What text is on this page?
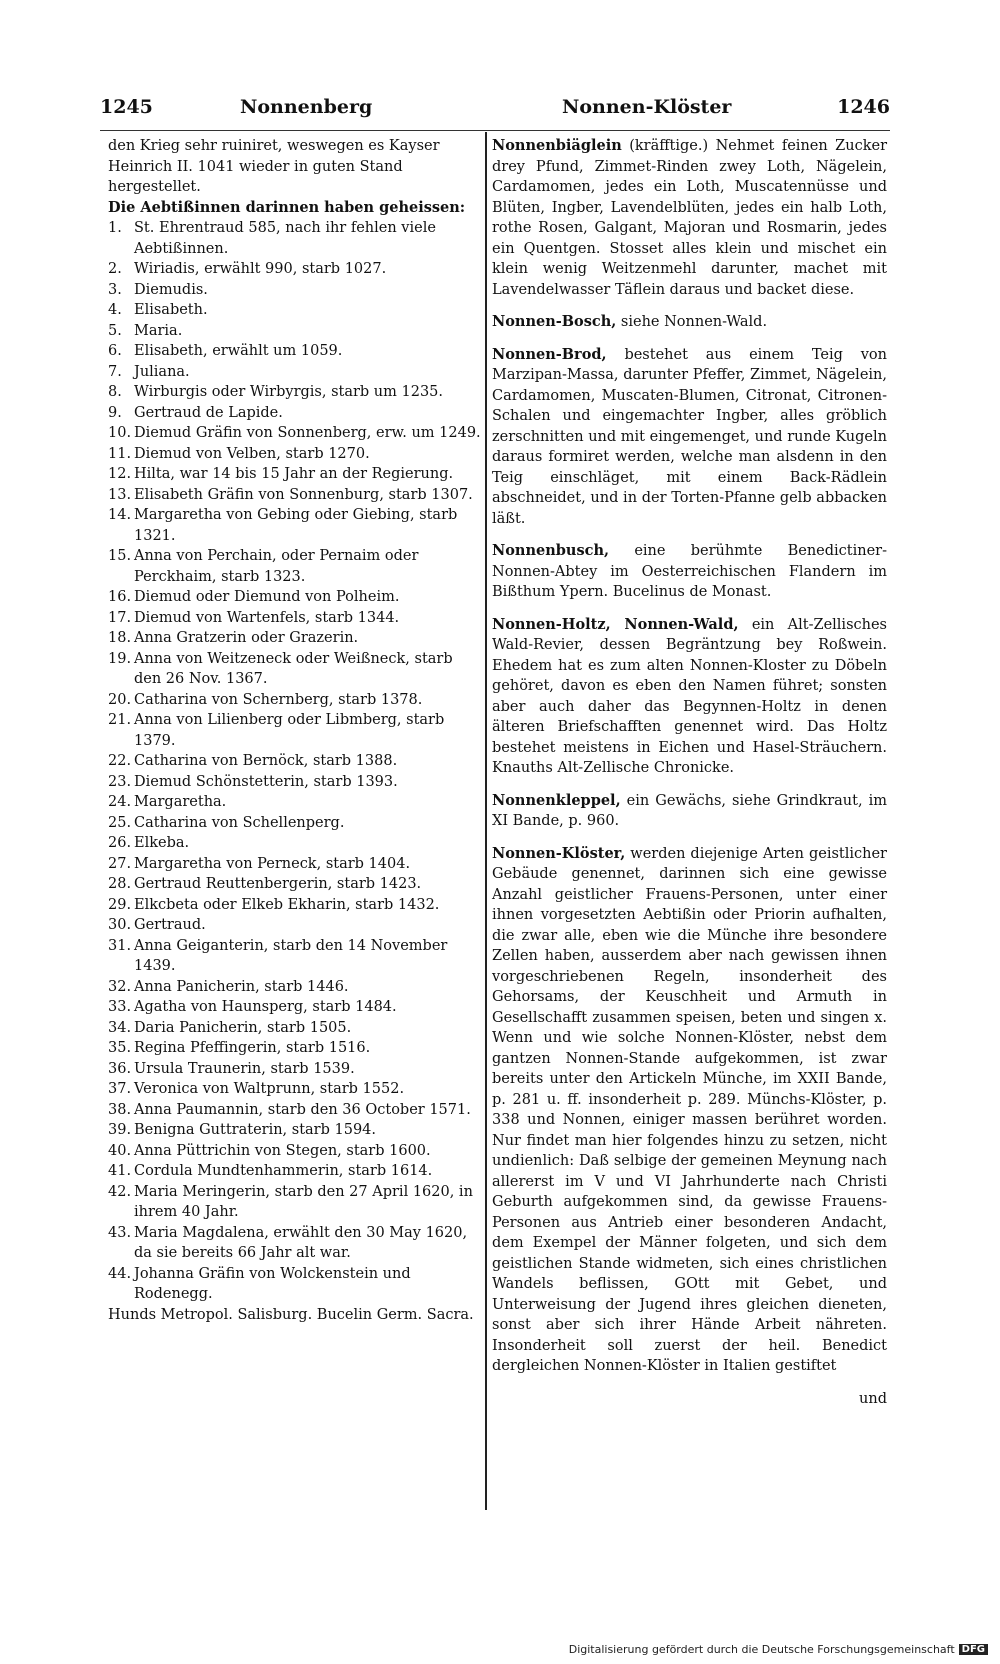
1245	Nonnenberg	Nonnen-Klöster	1246

den Krieg sehr ruiniret, weswegen es Kayser Heinrich II. 1041 wieder in guten Stand hergestellet.

Die Aebtißinnen darinnen haben geheissen:

1. St. Ehrentraud 585, nach ihr fehlen viele Aebtißinnen.
2. Wiriadis, erwählt 990, starb 1027.
3. Diemudis.
4. Elisabeth.
5. Maria.
6. Elisabeth, erwählt um 1059.
7. Juliana.
8. Wirburgis oder Wirbyrgis, starb um 1235.
9. Gertraud de Lapide.
10. Diemud Gräfin von Sonnenberg, erw. um 1249.
11. Diemud von Velben, starb 1270.
12. Hilta, war 14 bis 15 Jahr an der Regierung.
13. Elisabeth Gräfin von Sonnenburg, starb 1307.
14. Margaretha von Gebing oder Giebing, starb 1321.
15. Anna von Perchain, oder Pernaim oder Perckhaim, starb 1323.
16. Diemud oder Diemund von Polheim.
17. Diemud von Wartenfels, starb 1344.
18. Anna Gratzerin oder Grazerin.
19. Anna von Weitzeneck oder Weißneck, starb den 26 Nov. 1367.
20. Catharina von Schernberg, starb 1378.
21. Anna von Lilienberg oder Libmberg, starb 1379.
22. Catharina von Bernöck, starb 1388.
23. Diemud Schönstetterin, starb 1393.
24. Margaretha.
25. Catharina von Schellenperg.
26. Elkeba.
27. Margaretha von Perneck, starb 1404.
28. Gertraud Reuttenbergerin, starb 1423.
29. Elkcbeta oder Elkeb Ekharin, starb 1432.
30. Gertraud.
31. Anna Geiganterin, starb den 14 November 1439.
32. Anna Panicherin, starb 1446.
33. Agatha von Haunsperg, starb 1484.
34. Daria Panicherin, starb 1505.
35. Regina Pfeffingerin, starb 1516.
36. Ursula Traunerin, starb 1539.
37. Veronica von Waltprunn, starb 1552.
38. Anna Paumannin, starb den 36 October 1571.
39. Benigna Guttraterin, starb 1594.
40. Anna Püttrichin von Stegen, starb 1600.
41. Cordula Mundtenhammerin, starb 1614.
42. Maria Meringerin, starb den 27 April 1620, in ihrem 40 Jahr.
43. Maria Magdalena, erwählt den 30 May 1620, da sie bereits 66 Jahr alt war.
44. Johanna Gräfin von Wolckenstein und Rodenegg.

Hunds Metropol. Salisburg. Bucelin Germ. Sacra.

Nonnenbiäglein (kräfftige.) Nehmet feinen Zucker drey Pfund, Zimmet-Rinden zwey Loth, Nägelein, Cardamomen, jedes ein Loth, Muscatennüsse und Blüten, Ingber, Lavendelblüten, jedes ein halb Loth, rothe Rosen, Galgant, Majoran und Rosmarin, jedes ein Quentgen. Stosset alles klein und mischet ein klein wenig Weitzenmehl darunter, machet mit Lavendelwasser Täflein daraus und backet diese.

Nonnen-Bosch, siehe Nonnen-Wald.

Nonnen-Brod, bestehet aus einem Teig von Marzipan-Massa, darunter Pfeffer, Zimmet, Nägelein, Cardamomen, Muscaten-Blumen, Citronat, Citronen-Schalen und eingemachter Ingber, alles gröblich zerschnitten und mit eingemenget, und runde Kugeln daraus formiret werden, welche man alsdenn in den Teig einschläget, mit einem Back-Rädlein abschneidet, und in der Torten-Pfanne gelb abbacken läßt.

Nonnenbusch, eine berühmte Benedictiner-Nonnen-Abtey im Oesterreichischen Flandern im Bißthum Ypern. Bucelinus de Monast.

Nonnen-Holtz, Nonnen-Wald, ein Alt-Zellisches Wald-Revier, dessen Begräntzung bey Roßwein. Ehedem hat es zum alten Nonnen-Kloster zu Döbeln gehöret, davon es eben den Namen führet; sonsten aber auch daher das Begynnen-Holtz in denen älteren Briefschafften genennet wird. Das Holtz bestehet meistens in Eichen und Hasel-Sträuchern. Knauths Alt-Zellische Chronicke.

Nonnenkleppel, ein Gewächs, siehe Grindkraut, im XI Bande, p. 960.

Nonnen-Klöster, werden diejenige Arten geistlicher Gebäude genennet, darinnen sich eine gewisse Anzahl geistlicher Frauens-Personen, unter einer ihnen vorgesetzten Aebtißin oder Priorin aufhalten, die zwar alle, eben wie die Münche ihre besondere Zellen haben, ausserdem aber nach gewissen ihnen vorgeschriebenen Regeln, insonderheit des Gehorsams, der Keuschheit und Armuth in Gesellschafft zusammen speisen, beten und singen x. Wenn und wie solche Nonnen-Klöster, nebst dem gantzen Nonnen-Stande aufgekommen, ist zwar bereits unter den Artickeln Münche, im XXII Bande, p. 281 u. ff. insonderheit p. 289. Münchs-Klöster, p. 338 und Nonnen, einiger massen berühret worden. Nur findet man hier folgendes hinzu zu setzen, nicht undienlich: Daß selbige der gemeinen Meynung nach allererst im V und VI Jahrhunderte nach Christi Geburth aufgekommen sind, da gewisse Frauens-Personen aus Antrieb einer besonderen Andacht, dem Exempel der Männer folgeten, und sich dem geistlichen Stande widmeten, sich eines christlichen Wandels beflissen, GOtt mit Gebet, und Unterweisung der Jugend ihres gleichen dieneten, sonst aber sich ihrer Hände Arbeit nähreten. Insonderheit soll zuerst der heil. Benedict dergleichen Nonnen-Klöster in Italien gestiftet

und

Digitalisierung gefördert durch die Deutsche Forschungsgemeinschaft DFG
